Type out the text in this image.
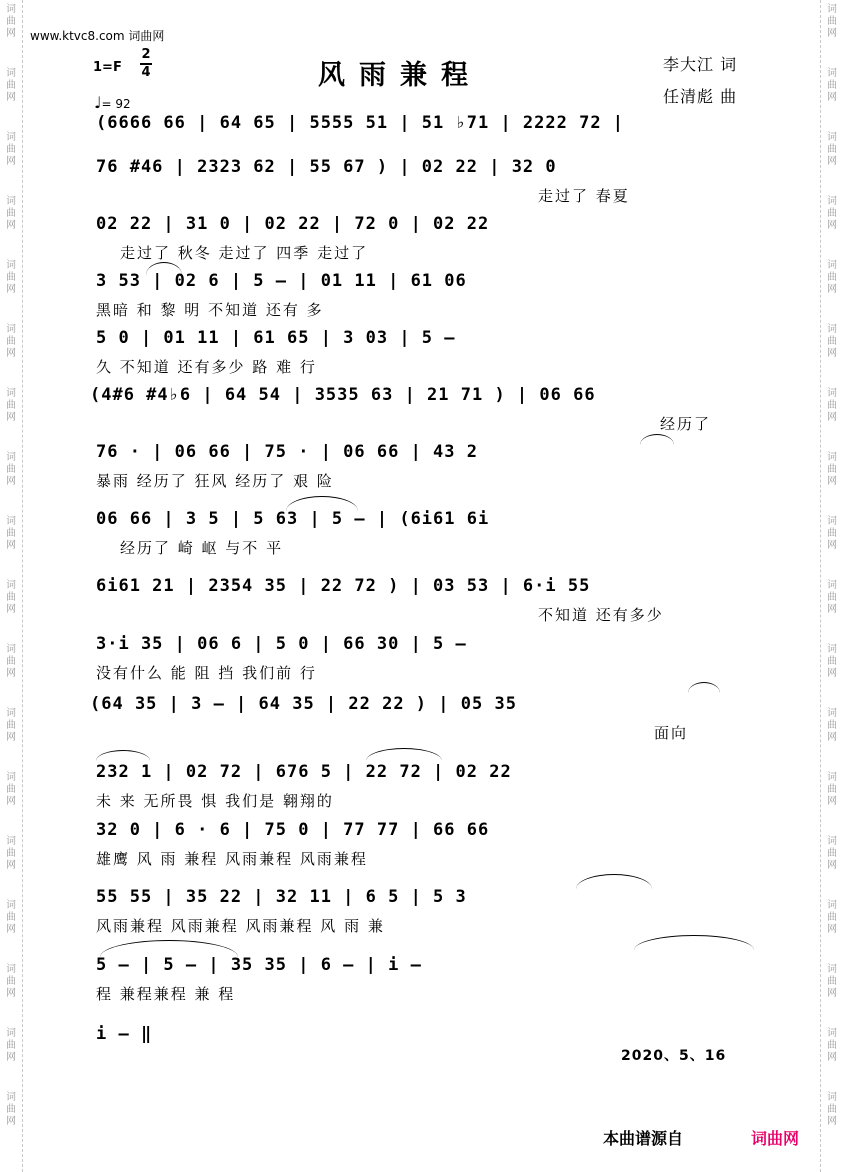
词
曲
网
词
曲
网
词
曲
网
词
曲
网
词
曲
网
词
曲
网
词
曲
网
词
曲
网
词
曲
网
词
曲
网
词
曲
网
词
曲
网
词
曲
网
词
曲
网
词
曲
网
词
曲
网
词
曲
网
词
曲
网
词
曲
网
词
曲
网
词
曲
网
词
曲
网
词
曲
网
词
曲
网
词
曲
网
词
曲
网
词
曲
网
词
曲
网
词
曲
网
词
曲
网
词
曲
网
词
曲
网
词
曲
网
词
曲
网
词
曲
网
词
曲
网
www.ktvc8.com 词曲网
1=F
2
4
♩= 92
风雨兼程	李大江 词
任清彪 曲
(6666 66 | 64 65 | 5555 51 | 51 ♭71 | 2222 72 |
76 #46 | 2323 62 | 55 67 ) | 02 22 | 32 0
走过了 春夏
02 22 | 31 0 | 02 22 | 72 0 | 02 22
走过了 秋冬 走过了 四季 走过了
3 53 | 02 6 | 5 – | 01 11 | 61 06
黑暗 和 黎 明 不知道 还有 多
5 0 | 01 11 | 61 65 | 3 03 | 5 –
久 不知道 还有多少 路 难 行
(4#6 #4♭6 | 64 54 | 3535 63 | 21 71 ) | 06 66
经历了
76 · | 06 66 | 75 · | 06 66 | 43 2
暴雨 经历了 狂风 经历了 艰 险
06 66 | 3 5 | 5 63 | 5 – | (6i61 6i
经历了 崎 岖 与不 平
6i61 21 | 2354 35 | 22 72 ) | 03 53 | 6·i 55
不知道 还有多少
3·i 35 | 06 6 | 5 0 | 66 30 | 5 –
没有什么 能 阻 挡 我们前 行
(64 35 | 3 – | 64 35 | 22 22 ) | 05 35
面向
232 1 | 02 72 | 676 5 | 22 72 | 02 22
未 来 无所畏 惧 我们是 翱翔的
32 0 | 6 · 6 | 75 0 | 77 77 | 66 66
雄鹰 风 雨 兼程 风雨兼程 风雨兼程
55 55 | 35 22 | 32 11 | 6 5 | 5 3
风雨兼程 风雨兼程 风雨兼程 风 雨 兼
5 – | 5 – | 35 35 | 6 – | i –
程 兼程兼程 兼 程
i – ‖
2020、5、16
本曲谱源自	词曲网
